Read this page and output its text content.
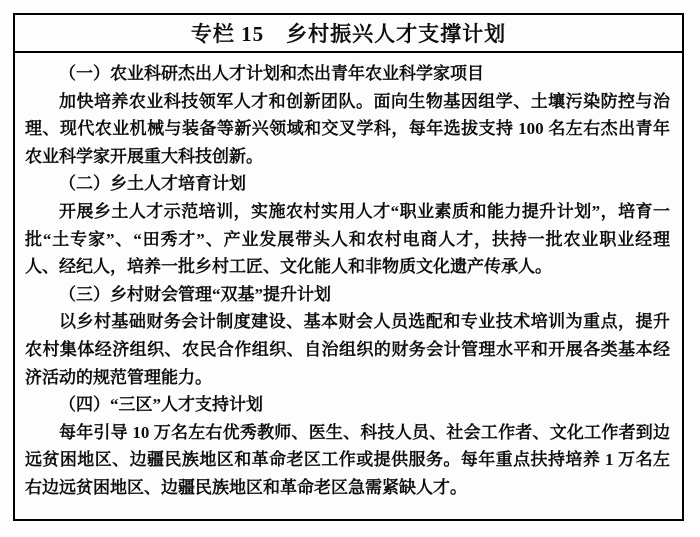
专栏 15　乡村振兴人才支撑计划

（一）农业科研杰出人才计划和杰出青年农业科学家项目

加快培养农业科技领军人才和创新团队。面向生物基因组学、土壤污染防控与治理、现代农业机械与装备等新兴领域和交叉学科，每年选拔支持 100 名左右杰出青年农业科学家开展重大科技创新。

（二）乡土人才培育计划

开展乡土人才示范培训，实施农村实用人才“职业素质和能力提升计划”，培育一批“土专家”、“田秀才”、产业发展带头人和农村电商人才，扶持一批农业职业经理人、经纪人，培养一批乡村工匠、文化能人和非物质文化遗产传承人。

（三）乡村财会管理“双基”提升计划

以乡村基础财务会计制度建设、基本财会人员选配和专业技术培训为重点，提升农村集体经济组织、农民合作组织、自治组织的财务会计管理水平和开展各类基本经济活动的规范管理能力。

（四）“三区”人才支持计划

每年引导 10 万名左右优秀教师、医生、科技人员、社会工作者、文化工作者到边远贫困地区、边疆民族地区和革命老区工作或提供服务。每年重点扶持培养 1 万名左右边远贫困地区、边疆民族地区和革命老区急需紧缺人才。
